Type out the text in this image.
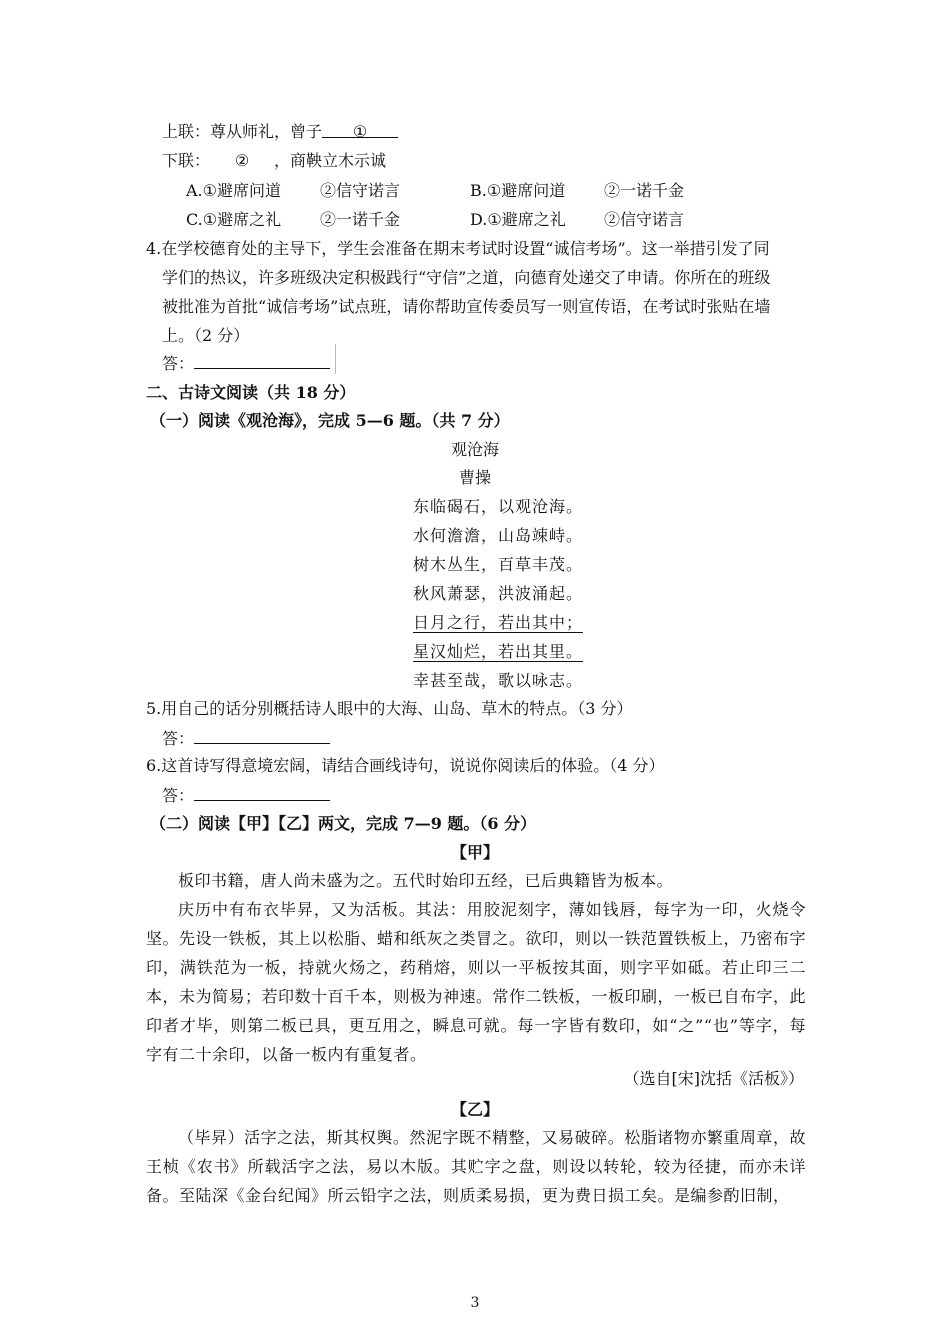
上联：尊从师礼，曾子 ①
下联： ② ，商鞅立木示诚
A.①避席问道 ②信守诺言	B.①避席问道 ②一诺千金
C.①避席之礼 ②一诺千金	D.①避席之礼 ②信守诺言
4.在学校德育处的主导下，学生会准备在期末考试时设置“诚信考场”。这一举措引发了同
学们的热议，许多班级决定积极践行“守信”之道，向德育处递交了申请。你所在的班级
被批准为首批“诚信考场”试点班，请你帮助宣传委员写一则宣传语，在考试时张贴在墙
上。（2 分）
答：
二、古诗文阅读（共 18 分）
（一）阅读《观沧海》，完成 5—6 题。（共 7 分）
观沧海
曹操
东临碣石，以观沧海。
水何澹澹，山岛竦峙。
树木丛生，百草丰茂。
秋风萧瑟，洪波涌起。
日月之行，若出其中；
星汉灿烂，若出其里。
幸甚至哉，歌以咏志。
5.用自己的话分别概括诗人眼中的大海、山岛、草木的特点。（3 分）
答：
6.这首诗写得意境宏阔，请结合画线诗句，说说你阅读后的体验。（4 分）
答：
（二）阅读【甲】【乙】两文，完成 7—9 题。（6 分）
【甲】

板印书籍，唐人尚未盛为之。五代时始印五经，已后典籍皆为板本。

庆历中有布衣毕昇，又为活板。其法：用胶泥刻字，薄如钱唇，每字为一印，火烧令坚。先设一铁板，其上以松脂、蜡和纸灰之类冒之。欲印，则以一铁范置铁板上，乃密布字印，满铁范为一板，持就火炀之，药稍熔，则以一平板按其面，则字平如砥。若止印三二本，未为简易；若印数十百千本，则极为神速。常作二铁板，一板印刷，一板已自布字，此印者才毕，则第二板已具，更互用之，瞬息可就。每一字皆有数印，如“之”“也”等字，每字有二十余印，以备一板内有重复者。

（选自[宋]沈括《活板》）
【乙】

（毕昇）活字之法，斯其权舆。然泥字既不精整，又易破碎。松脂诸物亦繁重周章，故王桢《农书》所载活字之法，易以木版。其贮字之盘，则设以转轮，较为径捷，而亦未详备。至陆深《金台纪闻》所云铅字之法，则质柔易损，更为费日损工矣。是编参酌旧制，

3
